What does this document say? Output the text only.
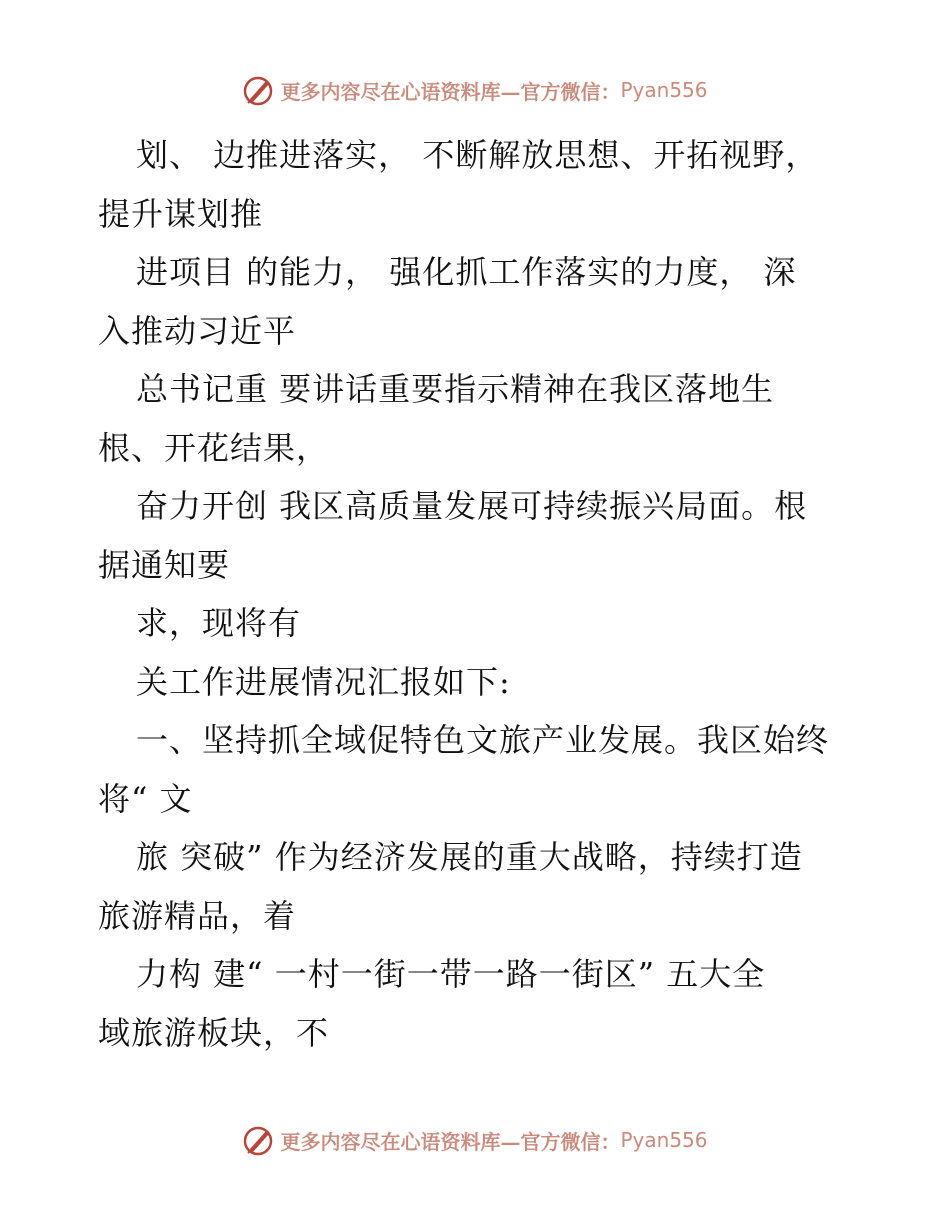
更多内容尽在心语资料库— 官方微信： Pyan556
划、 边推进落实， 不断解放思想、开拓视野，
提升谋划推
进项目 的能力， 强化抓工作落实的力度， 深
入推动习近平
总书记重 要讲话重要指示精神在我区落地生
根、开花结果，
奋力开创 我区高质量发展可持续振兴局面。根
据通知要
求，现将有
关工作进展情况汇报如下:
一、坚持抓全域促特色文旅产业发展。我区始终
将“ 文
旅 突破” 作为经济发展的重大战略，持续打造
旅游精品，着
力构 建“ 一村一街一带一路一街区” 五大全
域旅游板块，不
更多内容尽在心语资料库— 官方微信： Pyan556
